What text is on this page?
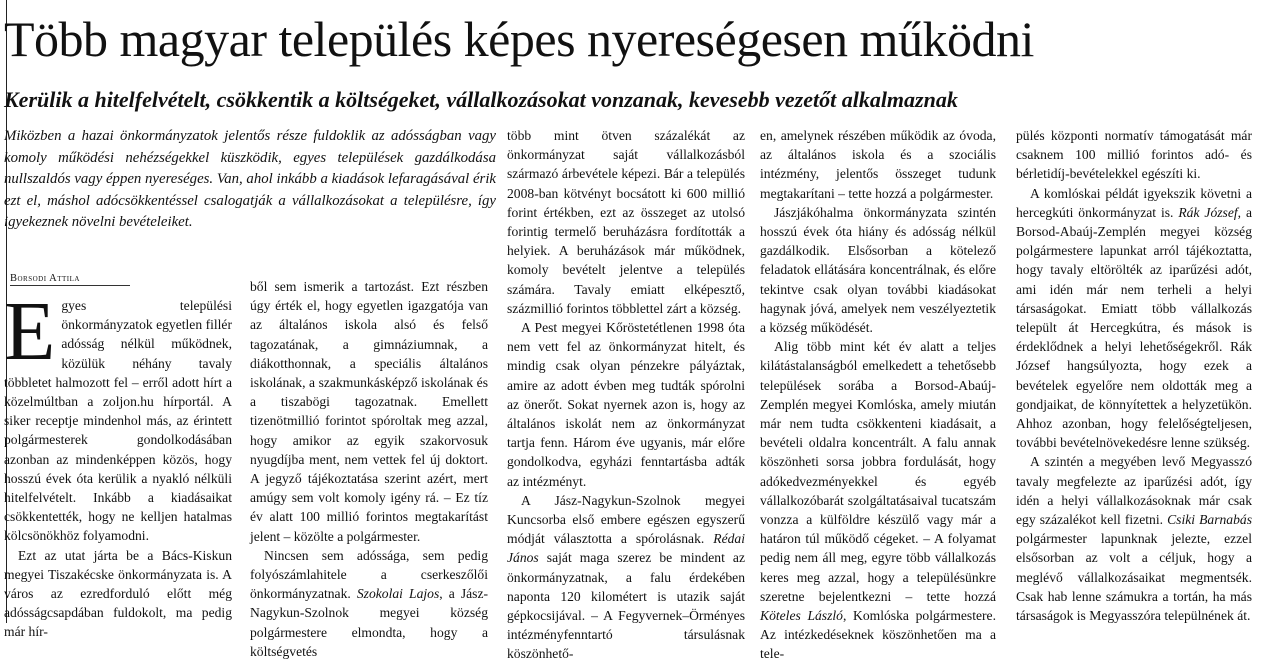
Több magyar település képes nyereségesen működni
Kerülik a hitelfelvételt, csökkentik a költségeket, vállalkozásokat vonzanak, kevesebb vezetőt alkalmaznak

Miközben a hazai önkormányzatok jelentős része fuldoklik az adósságban vagy komoly működési nehézségekkel küszködik, egyes települések gazdálkodása nullszaldós vagy éppen nyereséges. Van, ahol inkább a kiadások lefaragásával érik ezt el, máshol adócsökkentéssel csalogatják a vállalkozásokat a településre, így igyekeznek növelni bevételeiket.

Borsodi Attila

Egyes települési önkormányzatok egyetlen fillér adósság nélkül működnek, közülük néhány tavaly többletet halmozott fel – erről adott hírt a közelmúltban a zoljon.hu hírportál. A siker receptje mindenhol más, az érintett polgármesterek gondolkodásában azonban az mindenképpen közös, hogy hosszú évek óta kerülik a nyakló nélküli hitelfelvételt. Inkább a kiadásaikat csökkentették, hogy ne kelljen hatalmas kölcsönökhöz folyamodni.

Ezt az utat járta be a Bács-Kiskun megyei Tiszakécske önkormányzata is. A város az ezredforduló előtt még adósságcsapdában fuldokolt, ma pedig már hír-

ből sem ismerik a tartozást. Ezt részben úgy érték el, hogy egyetlen igazgatója van az általános iskola alsó és felső tagozatának, a gimnáziumnak, a diákotthonnak, a speciális általános iskolának, a szakmunkásképző iskolának és a tiszabögi tagozatnak. Emellett tizenötmillió forintot spóroltak meg azzal, hogy amikor az egyik szakorvosuk nyugdíjba ment, nem vettek fel új doktort. A jegyző tájékoztatása szerint azért, mert amúgy sem volt komoly igény rá. – Ez tíz év alatt 100 millió forintos megtakarítást jelent – közölte a polgármester.

Nincsen sem adóssága, sem pedig folyószámlahitele a cserkeszőlői önkormányzatnak. Szokolai Lajos, a Jász-Nagykun-Szolnok megyei község polgármestere elmondta, hogy a költségvetés

több mint ötven százalékát az önkormányzat saját vállalkozásból származó árbevétele képezi. Bár a település 2008-ban kötvényt bocsátott ki 600 millió forint értékben, ezt az összeget az utolsó forintig termelő beruházásra fordították a helyiek. A beruházások már működnek, komoly bevételt jelentve a település számára. Tavaly emiatt elképesztő, százmillió forintos többlettel zárt a község.

A Pest megyei Kőröstetétlenen 1998 óta nem vett fel az önkormányzat hitelt, és mindig csak olyan pénzekre pályáztak, amire az adott évben meg tudták spórolni az önerőt. Sokat nyernek azon is, hogy az általános iskolát nem az önkormányzat tartja fenn. Három éve ugyanis, már előre gondolkodva, egyházi fenntartásba adták az intézményt.

A Jász-Nagykun-Szolnok megyei Kuncsorba első embere egészen egyszerű módját választotta a spórolásnak. Rédai János saját maga szerez be mindent az önkormányzatnak, a falu érdekében naponta 120 kilométert is utazik saját gépkocsijával. – A Fegyvernek–Örményes intézményfenntartó társulásnak köszönhető-

en, amelynek részében működik az óvoda, az általános iskola és a szociális intézmény, jelentős összeget tudunk megtakarítani – tette hozzá a polgármester.

Jászjákóhalma önkormányzata szintén hosszú évek óta hiány és adósság nélkül gazdálkodik. Elsősorban a kötelező feladatok ellátására koncentrálnak, és előre tekintve csak olyan további kiadásokat hagynak jóvá, amelyek nem veszélyeztetik a község működését.

Alig több mint két év alatt a teljes kilátástalanságból emelkedett a tehetősebb települések sorába a Borsod-Abaúj-Zemplén megyei Komlóska, amely miután már nem tudta csökkenteni kiadásait, a bevételi oldalra koncentrált. A falu annak köszönheti sorsa jobbra fordulását, hogy adókedvezményekkel és egyéb vállalkozóbarát szolgáltatásaival tucatszám vonzza a külföldre készülő vagy már a határon túl működő cégeket. – A folyamat pedig nem áll meg, egyre több vállalkozás keres meg azzal, hogy a településünkre szeretne bejelentkezni – tette hozzá Köteles László, Komlóska polgármestere. Az intézkedéseknek köszönhetően ma a tele-

pülés központi normatív támogatását már csaknem 100 millió forintos adó- és bérletidíj-bevételekkel egészíti ki.

A komlóskai példát igyekszik követni a hercegkúti önkormányzat is. Rák József, a Borsod-Abaúj-Zemplén megyei község polgármestere lapunkat arról tájékoztatta, hogy tavaly eltörölték az iparűzési adót, ami idén már nem terheli a helyi társaságokat. Emiatt több vállalkozás települt át Hercegkútra, és mások is érdeklődnek a helyi lehetőségekről. Rák József hangsúlyozta, hogy ezek a bevételek egyelőre nem oldották meg a gondjaikat, de könnyítettek a helyzetükön. Ahhoz azonban, hogy felelőségteljesen, további bevételnövekedésre lenne szükség.

A szintén a megyében levő Megyasszó tavaly megfelezte az iparűzési adót, így idén a helyi vállalkozásoknak már csak egy százalékot kell fizetni. Csiki Barnabás polgármester lapunknak jelezte, ezzel elsősorban az volt a céljuk, hogy a meglévő vállalkozásaikat megmentsék. Csak hab lenne számukra a tortán, ha más társaságok is Megyasszóra települnének át.
